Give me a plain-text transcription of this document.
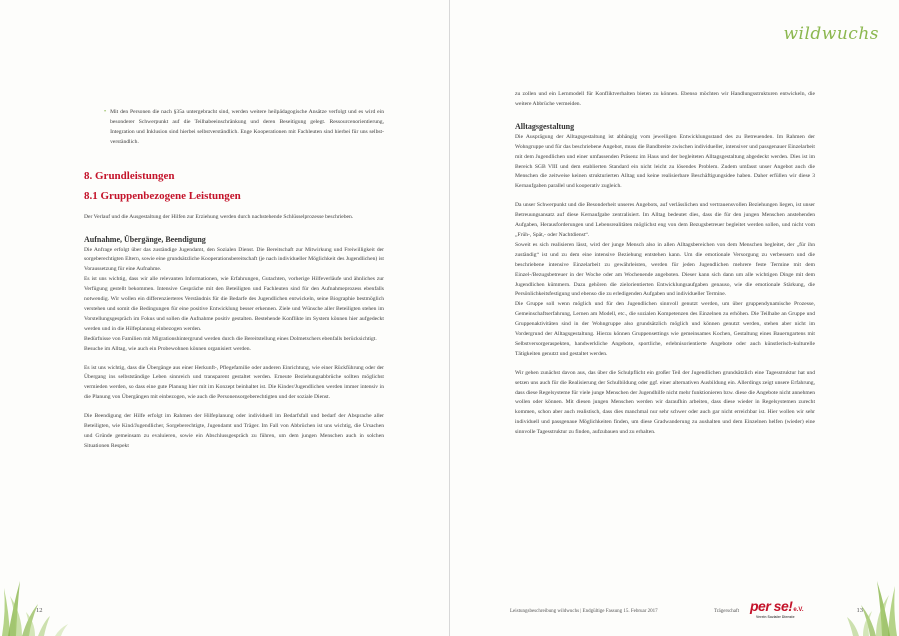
• Mit den Personen die nach §35a untergebracht sind, werden weitere heilpädagogische Ansätze verfolgt und es wird ein besonderer Schwerpunkt auf die Teilhabeeinschränkung und deren Beseitigung gelegt. Ressourcenorientierung, Integration und Inklusion sind hierbei selbstverständlich. Enge Kooperationen mit Fachleuten sind hierbei für uns selbstverständlich.

8. Grundleistungen
8.1 Gruppenbezogene Leistungen

Der Verlauf und die Ausgestaltung der Hilfen zur Erziehung werden durch nachstehende Schlüsselprozesse beschrieben.

Aufnahme, Übergänge, Beendigung

Die Anfrage erfolgt über das zuständige Jugendamt, den Sozialen Dienst. Die Bereitschaft zur Mitwirkung und Freiwilligkeit der sorgeberechtigten Eltern, sowie eine grundsätzliche Kooperationsbereitschaft (je nach individueller Möglichkeit des Jugendlichen) ist Voraussetzung für eine Aufnahme.

Es ist uns wichtig, dass wir alle relevanten Informationen, wie Erfahrungen, Gutachten, vorherige Hilfeverläufe und ähnliches zur Verfügung gestellt bekommen. Intensive Gespräche mit den Beteiligten und Fachleuten sind für den Aufnahmeprozess ebenfalls notwendig. Wir wollen ein differenzierteres Verständnis für die Bedarfe des Jugendlichen entwickeln, seine Biographie bestmöglich verstehen und somit die Bedingungen für eine positive Entwicklung besser erkennen. Ziele und Wünsche aller Beteiligten stehen im Vorstellungsgespräch im Fokus und sollen die Aufnahme positiv gestalten. Bestehende Konflikte im System können hier aufgedeckt werden und in die Hilfeplanung einbezogen werden.

Bedürfnisse von Familien mit Migrationshintergrund werden durch die Bereitstellung eines Dolmetschers ebenfalls berücksichtigt.

Besuche im Alltag, wie auch ein Probewohnen können organisiert werden.

Es ist uns wichtig, dass die Übergänge aus einer Herkunft-, Pflegefamilie oder anderen Einrichtung, wie einer Rückführung oder der Übergang ins selbstständige Leben sinnreich und transparent gestaltet werden. Erneute Beziehungsabbrüche sollten möglichst vermieden werden, so dass eine gute Planung hier mit im Konzept beinhaltet ist. Die Kinder/Jugendlichen werden immer intensiv in die Planung von Übergängen mit einbezogen, wie auch die Personensorgeberechtigten und der soziale Dienst.

Die Beendigung der Hilfe erfolgt im Rahmen der Hilfeplanung oder individuell im Bedarfsfall und bedarf der Absprache aller Beteiligten, wie Kind/Jugendlicher, Sorgeberechtigte, Jugendamt und Träger. Im Fall von Abbrüchen ist uns wichtig, die Ursachen und Gründe gemeinsam zu evaluieren, sowie ein Abschlussgespräch zu führen, um dem jungen Menschen auch in solchen Situationen Respekt

12
wildwuchs

zu zollen und ein Lernmodell für Konfliktverhalten bieten zu können. Ebenso möchten wir Handlungsstrukturen entwickeln, die weitere Abbrüche vermeiden.

Alltagsgestaltung

Die Ausprägung der Alltagsgestaltung ist abhängig vom jeweiligen Entwicklungsstand des zu Betreuenden. Im Rahmen der Wohngruppe und für das beschriebene Angebot, muss die Bandbreite zwischen individueller, intensiver und passgenauer Einzelarbeit mit dem Jugendlichen und einer umfassenden Präsenz im Haus und der begleiteten Alltagsgestaltung abgedeckt werden. Dies ist im Bereich SGB VIII und dem etablierten Standard ein nicht leicht zu lösendes Problem. Zudem umfasst unser Angebot auch die Menschen die zeitweise keinen strukturierten Alltag und keine realisierbare Beschäftigungsidee haben. Daher erfüllen wir diese 3 Kernaufgaben parallel und kooperativ zugleich.

Da unser Schwerpunkt und die Besonderheit unseres Angebots, auf verlässlichen und vertrauensvollen Beziehungen liegen, ist unser Betreuungsansatz auf diese Kernaufgabe zentralisiert. Im Alltag bedeutet dies, dass die für den jungen Menschen anstehenden Aufgaben, Herausforderungen und Lebensrealitäten möglichst eng von dem Bezugsbetreuer begleitet werden sollen, und nicht vom „Früh-, Spät,- oder Nachtdienst“.

Soweit es sich realisieren lässt, wird der junge Mensch also in allen Alltagsbereichen von dem Menschen begleitet, der „für ihn zuständig“ ist und zu dem eine intensive Beziehung entstehen kann. Um die emotionale Versorgung zu verbessern und die beschriebene intensive Einzelarbeit zu gewährleisten, werden für jeden Jugendlichen mehrere feste Termine mit dem Einzel-/Bezugsbetreuer in der Woche oder am Wochenende angeboten. Dieser kann sich dann um alle wichtigen Dinge mit dem Jugendlichen kümmern. Dazu gehören die zielorientierten Entwicklungsaufgaben genauso, wie die emotionale Stärkung, die Persönlichkeitsfestigung und ebenso die zu erledigenden Aufgaben und individueller Termine.

Die Gruppe soll wenn möglich und für den Jugendlichen sinnvoll genutzt werden, um über gruppendynamische Prozesse, Gemeinschaftserfahrung, Lernen am Modell, etc., die sozialen Kompetenzen des Einzelnen zu erhöhen. Die Teilhabe an Gruppe und Gruppenaktivitäten sind in der Wohngruppe also grundsätzlich möglich und können genutzt werden, stehen aber nicht im Vordergrund der Alltagsgestaltung. Hierzu können Gruppensettings wie gemeinsames Kochen, Gestaltung eines Bauerngartens mit Selbstversorgeraspekten, handwerkliche Angebote, sportliche, erlebnisorientierte Angebote oder auch künstlerisch-kulturelle Tätigkeiten genutzt und gestaltet werden.

Wir gehen zunächst davon aus, das über die Schulpflicht ein großer Teil der Jugendlichen grundsätzlich eine Tagesstruktur hat und setzen uns auch für die Realisierung der Schulbildung oder ggf. einer alternativen Ausbildung ein. Allerdings zeigt unsere Erfahrung, dass diese Regelsysteme für viele junge Menschen der Jugendhilfe nicht mehr funktionieren bzw. diese die Angebote nicht annehmen wollen oder können. Mit diesen jungen Menschen werden wir daraufhin arbeiten, dass diese wieder in Regelsystemen zurecht kommen, schon aber auch realistisch, dass dies manchmal nur sehr schwer oder auch gar nicht erreichbar ist. Hier wollen wir sehr individuell und passgenaue Möglichkeiten finden, um diese Gradwanderung zu aushalten und dem Einzelnen helfen (wieder) eine sinnvolle Tagesstruktur zu finden, aufzubauen und zu erhalten.

Leistungsbeschreibung wildwuchs | Endgültige Fassung 15. Februar 2017	Trägerschaft per se!e.V.
Verein Sozialer Dienste
13
